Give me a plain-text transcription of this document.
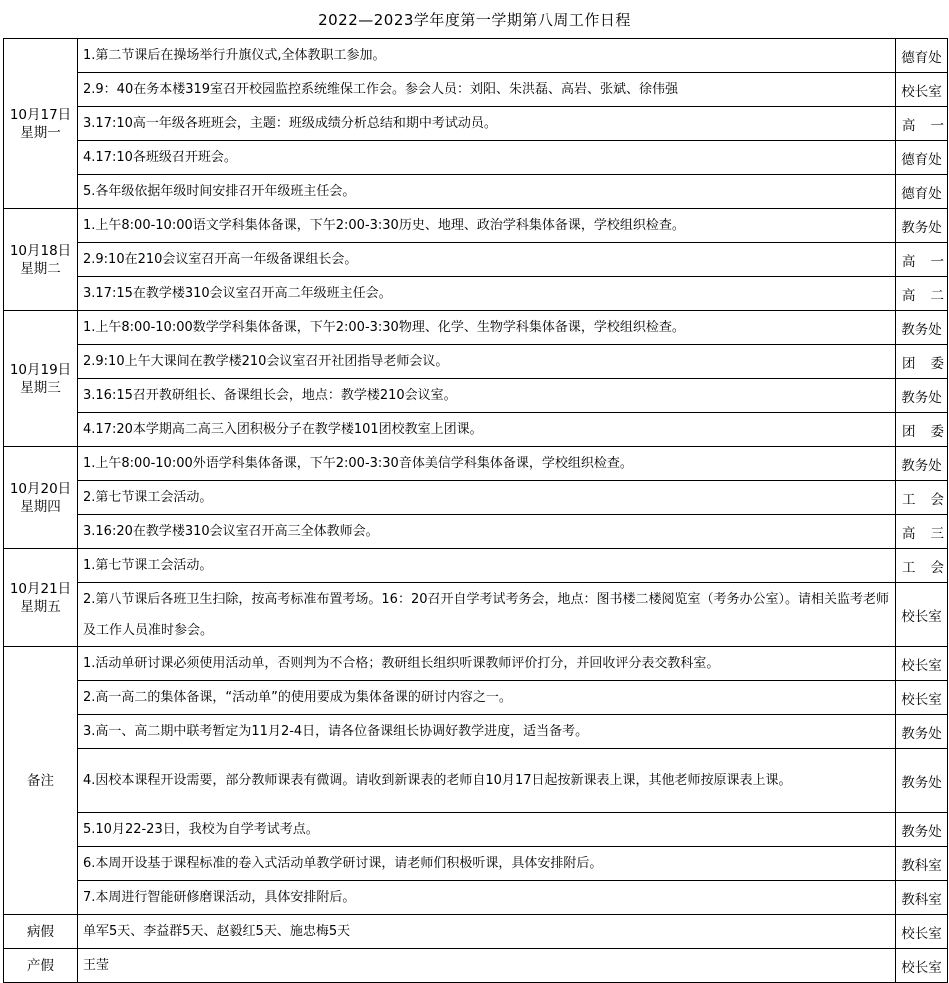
2022—2023学年度第一学期第八周工作日程
10月17日
星期一	1.第二节课后在操场举行升旗仪式,全体教职工参加。	德育处

	2.9：40在务本楼319室召开校园监控系统维保工作会。参会人员：刘阳、朱洪磊、高岩、张斌、徐伟强	校长室

	3.17:10高一年级各班班会，主题：班级成绩分析总结和期中考试动员。	高一

	4.17:10各班级召开班会。	德育处

	5.各年级依据年级时间安排召开年级班主任会。	德育处

10月18日
星期二	1.上午8:00-10:00语文学科集体备课，下午2:00-3:30历史、地理、政治学科集体备课，学校组织检查。	教务处

	2.9:10在210会议室召开高一年级备课组长会。	高一

	3.17:15在教学楼310会议室召开高二年级班主任会。	高二

10月19日
星期三	1.上午8:00-10:00数学学科集体备课，下午2:00-3:30物理、化学、生物学科集体备课，学校组织检查。	教务处

	2.9:10上午大课间在教学楼210会议室召开社团指导老师会议。	团委

	3.16:15召开教研组长、备课组长会，地点：教学楼210会议室。	教务处

	4.17:20本学期高二高三入团积极分子在教学楼101团校教室上团课。	团委

10月20日
星期四	1.上午8:00-10:00外语学科集体备课，下午2:00-3:30音体美信学科集体备课，学校组织检查。	教务处

	2.第七节课工会活动。	工会

	3.16:20在教学楼310会议室召开高三全体教师会。	高三

10月21日
星期五	1.第七节课工会活动。	工会

	2.第八节课后各班卫生扫除，按高考标准布置考场。16：20召开自学考试考务会，地点：图书楼二楼阅览室（考务办公室）。请相关监考老师及工作人员准时参会。	校长室

备注	1.活动单研讨课必须使用活动单，否则判为不合格；教研组长组织听课教师评价打分，并回收评分表交教科室。	校长室

	2.高一高二的集体备课，“活动单”的使用要成为集体备课的研讨内容之一。	校长室

	3.高一、高二期中联考暂定为11月2-4日，请各位备课组长协调好教学进度，适当备考。	教务处

	4.因校本课程开设需要，部分教师课表有微调。请收到新课表的老师自10月17日起按新课表上课，其他老师按原课表上课。	教务处

	5.10月22-23日，我校为自学考试考点。	教务处

	6.本周开设基于课程标准的卷入式活动单教学研讨课，请老师们积极听课，具体安排附后。	教科室

	7.本周进行智能研修磨课活动，具体安排附后。	教科室

病假	单军5天、李益群5天、赵毅红5天、施忠梅5天	校长室

产假	王莹	校长室
